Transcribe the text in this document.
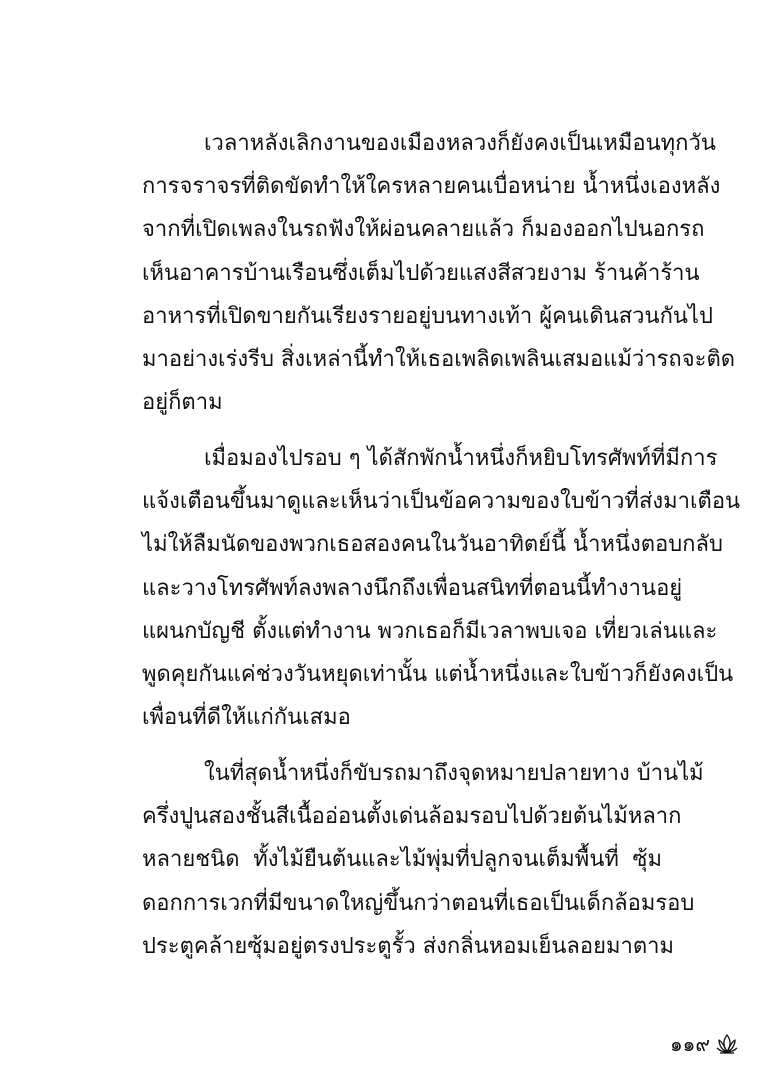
เวลาหลังเลิกงานของเมืองหลวงก็ยังคงเป็นเหมือนทุกวัน
การจราจรที่ติดขัดทำให้ใครหลายคนเบื่อหน่าย น้ำหนึ่งเองหลัง
จากที่เปิดเพลงในรถฟังให้ผ่อนคลายแล้ว ก็มองออกไปนอกรถ
เห็นอาคารบ้านเรือนซึ่งเต็มไปด้วยแสงสีสวยงาม ร้านค้าร้าน
อาหารที่เปิดขายกันเรียงรายอยู่บนทางเท้า ผู้คนเดินสวนกันไป
มาอย่างเร่งรีบ สิ่งเหล่านี้ทำให้เธอเพลิดเพลินเสมอแม้ว่ารถจะติด
อยู่ก็ตาม
เมื่อมองไปรอบ ๆ ได้สักพักน้ำหนึ่งก็หยิบโทรศัพท์ที่มีการ
แจ้งเตือนขึ้นมาดูและเห็นว่าเป็นข้อความของใบข้าวที่ส่งมาเตือน
ไม่ให้ลืมนัดของพวกเธอสองคนในวันอาทิตย์นี้ น้ำหนึ่งตอบกลับ
และวางโทรศัพท์ลงพลางนึกถึงเพื่อนสนิทที่ตอนนี้ทำงานอยู่
แผนกบัญชี ตั้งแต่ทำงาน พวกเธอก็มีเวลาพบเจอ เที่ยวเล่นและ
พูดคุยกันแค่ช่วงวันหยุดเท่านั้น แต่น้ำหนึ่งและใบข้าวก็ยังคงเป็น
เพื่อนที่ดีให้แก่กันเสมอ
ในที่สุดน้ำหนึ่งก็ขับรถมาถึงจุดหมายปลายทาง บ้านไม้
ครึ่งปูนสองชั้นสีเนื้ออ่อนตั้งเด่นล้อมรอบไปด้วยต้นไม้หลาก
หลายชนิด ทั้งไม้ยืนต้นและไม้พุ่มที่ปลูกจนเต็มพื้นที่ ซุ้ม
ดอกการเวกที่มีขนาดใหญ่ขึ้นกว่าตอนที่เธอเป็นเด็กล้อมรอบ
ประตูคล้ายซุ้มอยู่ตรงประตูรั้ว ส่งกลิ่นหอมเย็นลอยมาตาม
๑๑๙
